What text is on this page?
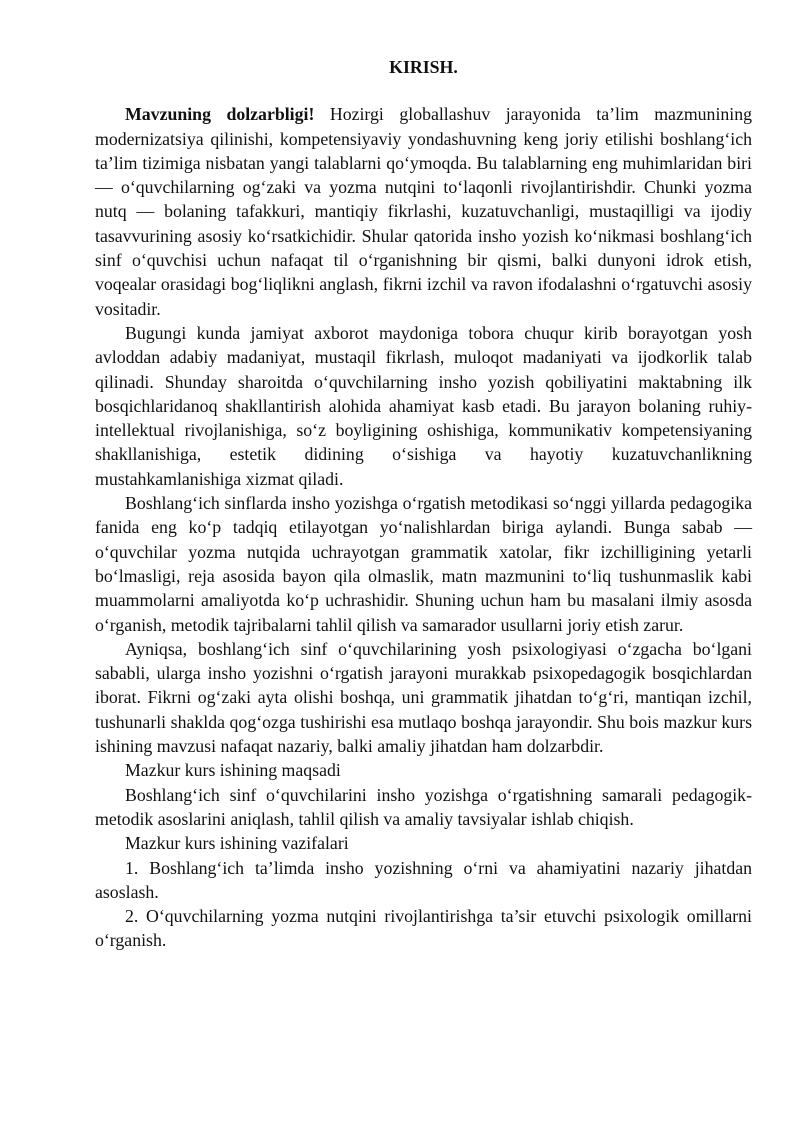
KIRISH.

Mavzuning dolzarbligi! Hozirgi globallashuv jarayonida ta’lim mazmunining modernizatsiya qilinishi, kompetensiyaviy yondashuvning keng joriy etilishi boshlang‘ich ta’lim tizimiga nisbatan yangi talablarni qo‘ymoqda. Bu talablarning eng muhimlaridan biri — o‘quvchilarning og‘zaki va yozma nutqini to‘laqonli rivojlantirishdir. Chunki yozma nutq — bolaning tafakkuri, mantiqiy fikrlashi, kuzatuvchanligi, mustaqilligi va ijodiy tasavvurining asosiy ko‘rsatkichidir. Shular qatorida insho yozish ko‘nikmasi boshlang‘ich sinf o‘quvchisi uchun nafaqat til o‘rganishning bir qismi, balki dunyoni idrok etish, voqealar orasidagi bog‘liqlikni anglash, fikrni izchil va ravon ifodalashni o‘rgatuvchi asosiy vositadir.

Bugungi kunda jamiyat axborot maydoniga tobora chuqur kirib borayotgan yosh avloddan adabiy madaniyat, mustaqil fikrlash, muloqot madaniyati va ijodkorlik talab qilinadi. Shunday sharoitda o‘quvchilarning insho yozish qobiliyatini maktabning ilk bosqichlaridanoq shakllantirish alohida ahamiyat kasb etadi. Bu jarayon bolaning ruhiy-intellektual rivojlanishiga, so‘z boyligining oshishiga, kommunikativ kompetensiyaning shakllanishiga, estetik didining o‘sishiga va hayotiy kuzatuvchanlikning mustahkamlanishiga xizmat qiladi.

Boshlang‘ich sinflarda insho yozishga o‘rgatish metodikasi so‘nggi yillarda pedagogika fanida eng ko‘p tadqiq etilayotgan yo‘nalishlardan biriga aylandi. Bunga sabab — o‘quvchilar yozma nutqida uchrayotgan grammatik xatolar, fikr izchilligining yetarli bo‘lmasligi, reja asosida bayon qila olmaslik, matn mazmunini to‘liq tushunmaslik kabi muammolarni amaliyotda ko‘p uchrashidir. Shuning uchun ham bu masalani ilmiy asosda o‘rganish, metodik tajribalarni tahlil qilish va samarador usullarni joriy etish zarur.

Ayniqsa, boshlang‘ich sinf o‘quvchilarining yosh psixologiyasi o‘zgacha bo‘lgani sababli, ularga insho yozishni o‘rgatish jarayoni murakkab psixopedagogik bosqichlardan iborat. Fikrni og‘zaki ayta olishi boshqa, uni grammatik jihatdan to‘g‘ri, mantiqan izchil, tushunarli shaklda qog‘ozga tushirishi esa mutlaqo boshqa jarayondir. Shu bois mazkur kurs ishining mavzusi nafaqat nazariy, balki amaliy jihatdan ham dolzarbdir.

Mazkur kurs ishining maqsadi

Boshlang‘ich sinf o‘quvchilarini insho yozishga o‘rgatishning samarali pedagogik-metodik asoslarini aniqlash, tahlil qilish va amaliy tavsiyalar ishlab chiqish.

Mazkur kurs ishining vazifalari

1. Boshlang‘ich ta’limda insho yozishning o‘rni va ahamiyatini nazariy jihatdan asoslash.

2. O‘quvchilarning yozma nutqini rivojlantirishga ta’sir etuvchi psixologik omillarni o‘rganish.
